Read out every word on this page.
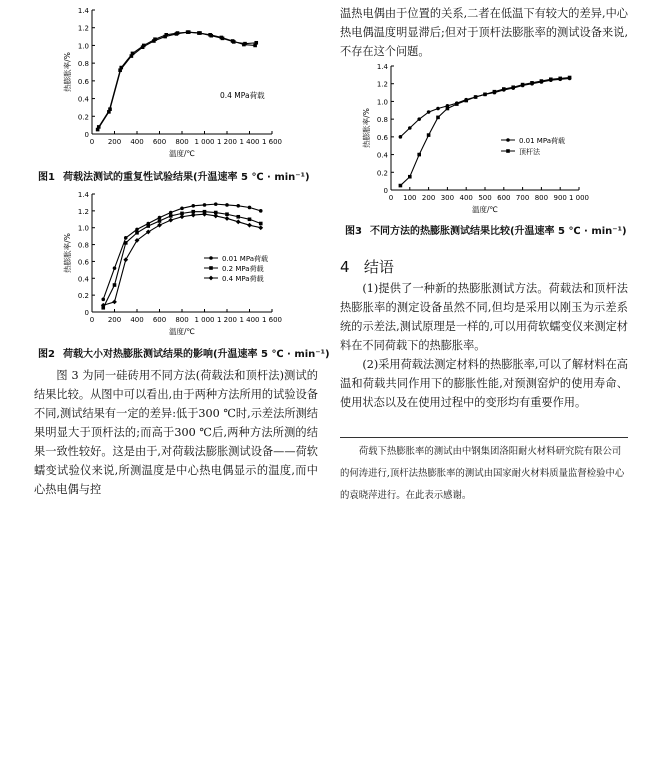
0
0.2
0.4
0.6
0.8
1.0
1.2
1.4
0 200 400 600 800 1 000 1 200 1 400 1 600
温度/℃
热膨胀率/%
0.4 MPa荷载
图1 荷载法测试的重复性试验结果(升温速率 5 ℃ · min⁻¹)
0
0.2
0.4
0.6
0.8
1.0
1.2
1.4
0 200 400 600 800 1 000 1 200 1 400 1 600
温度/℃
热膨胀率/%	0.01 MPa荷载
0.2 MPa荷载
0.4 MPa荷载
图2 荷载大小对热膨胀测试结果的影响(升温速率 5 ℃ · min⁻¹)

图 3 为同一硅砖用不同方法(荷载法和顶杆法)测试的结果比较。从图中可以看出,由于两种方法所用的试验设备不同,测试结果有一定的差异:低于300 ℃时,示差法所测结果明显大于顶杆法的;而高于300 ℃后,两种方法所测的结果一致性较好。这是由于,对荷载法膨胀测试设备——荷软蠕变试验仪来说,所测温度是中心热电偶显示的温度,而中心热电偶与控

温热电偶由于位置的关系,二者在低温下有较大的差异,中心热电偶温度明显滞后;但对于顶杆法膨胀率的测试设备来说,不存在这个问题。

0
0.2
0.4
0.6
0.8
1.0
1.2
1.4
0 100 200 300 400 500 600 700 800 900 1 000
温度/℃
热膨胀率/%	0.01 MPa荷载
顶杆法
图3 不同方法的热膨胀测试结果比较(升温速率 5 ℃ · min⁻¹)
4   结语

(1)提供了一种新的热膨胀测试方法。荷载法和顶杆法热膨胀率的测定设备虽然不同,但均是采用以刚玉为示差系统的示差法,测试原理是一样的,可以用荷软蠕变仪来测定材料在不同荷载下的热膨胀率。

(2)采用荷载法测定材料的热膨胀率,可以了解材料在高温和荷载共同作用下的膨胀性能,对预测窑炉的使用寿命、使用状态以及在使用过程中的变形均有重要作用。

荷载下热膨胀率的测试由中钢集团洛阳耐火材料研究院有限公司的何涛进行,顶杆法热膨胀率的测试由国家耐火材料质量监督检验中心的袁晓萍进行。在此表示感谢。
